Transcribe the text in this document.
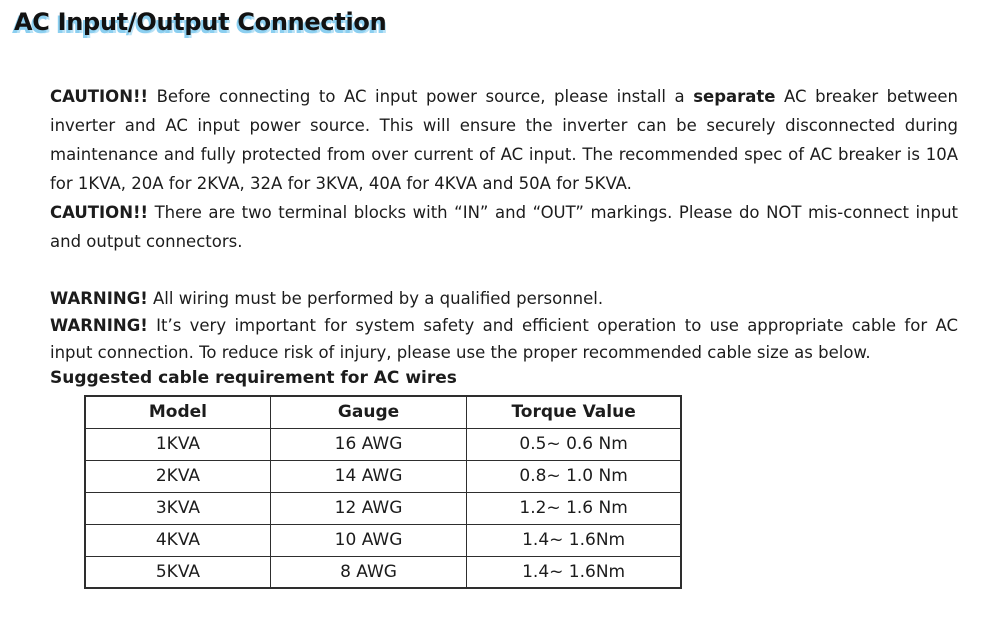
AC Input/Output Connection

CAUTION!! Before connecting to AC input power source, please install a separate AC breaker between inverter and AC input power source. This will ensure the inverter can be securely disconnected during maintenance and fully protected from over current of AC input. The recommended spec of AC breaker is 10A for 1KVA, 20A for 2KVA, 32A for 3KVA, 40A for 4KVA and 50A for 5KVA.

CAUTION!! There are two terminal blocks with “IN” and “OUT” markings. Please do NOT mis-connect input and output connectors.

WARNING! All wiring must be performed by a qualified personnel.

WARNING! It’s very important for system safety and efficient operation to use appropriate cable for AC input connection. To reduce risk of injury, please use the proper recommended cable size as below.

Suggested cable requirement for AC wires
Model	Gauge	Torque Value
1KVA	16 AWG	0.5~ 0.6 Nm
2KVA	14 AWG	0.8~ 1.0 Nm
3KVA	12 AWG	1.2~ 1.6 Nm
4KVA	10 AWG	1.4~ 1.6Nm
5KVA	8 AWG	1.4~ 1.6Nm
